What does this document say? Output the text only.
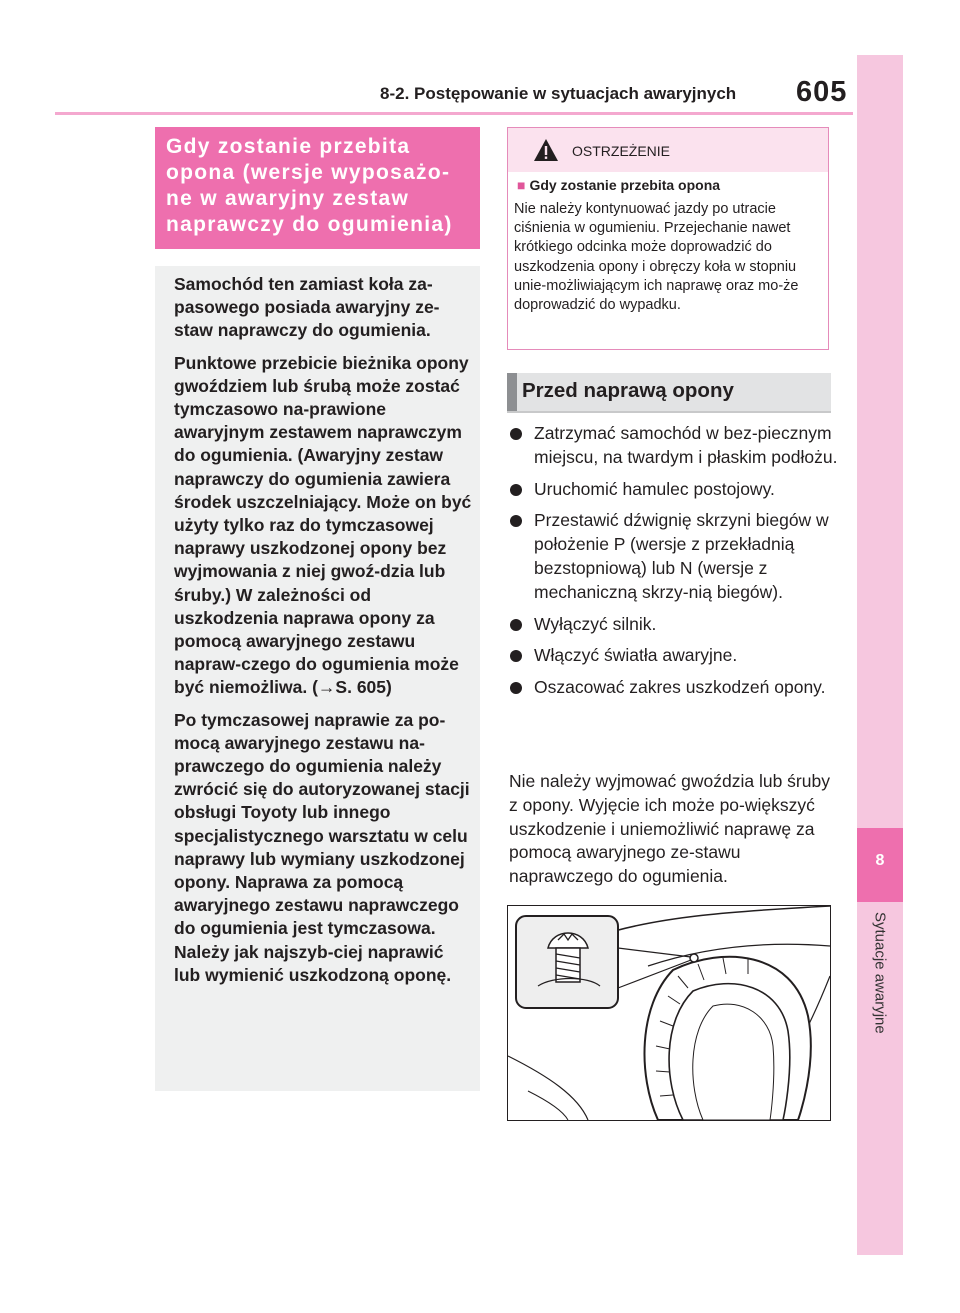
8-2. Postępowanie w sytuacjach awaryjnych 605
8
Sytuacje awaryjne
Gdy zostanie przebita opona (wersje wyposażo-ne w awaryjny zestaw naprawczy do ogumienia)

Samochód ten zamiast koła za-pasowego posiada awaryjny ze-staw naprawczy do ogumienia.

Punktowe przebicie bieżnika opony gwoździem lub śrubą może zostać tymczasowo na-prawione awaryjnym zestawem naprawczym do ogumienia. (Awaryjny zestaw naprawczy do ogumienia zawiera środek uszczelniający. Może on być użyty tylko raz do tymczasowej naprawy uszkodzonej opony bez wyjmowania z niej gwoź-dzia lub śruby.) W zależności od uszkodzenia naprawa opony za pomocą awaryjnego zestawu napraw-czego do ogumienia może być niemożliwa. (→S. 605)

Po tymczasowej naprawie za po-mocą awaryjnego zestawu na-prawczego do ogumienia należy zwrócić się do autoryzowanej stacji obsługi Toyoty lub innego specjalistycznego warsztatu w celu naprawy lub wymiany uszkodzonej opony. Naprawa za pomocą awaryjnego zestawu naprawczego do ogumienia jest tymczasowa. Należy jak najszyb-ciej naprawić lub wymienić uszkodzoną oponę.

OSTRZEŻENIE
■ Gdy zostanie przebita opona
Nie należy kontynuować jazdy po utracie ciśnienia w ogumieniu. Przejechanie nawet krótkiego odcinka może doprowadzić do uszkodzenia opony i obręczy koła w stopniu unie-możliwiającym ich naprawę oraz mo-że doprowadzić do wypadku.
Przed naprawą opony
Zatrzymać samochód w bez-piecznym miejscu, na twardym i płaskim podłożu.
Uruchomić hamulec postojowy.
Przestawić dźwignię skrzyni biegów w położenie P (wersje z przekładnią bezstopniową) lub N (wersje z mechaniczną skrzy-nią biegów).
Wyłączyć silnik.
Włączyć światła awaryjne.
Oszacować zakres uszkodzeń opony.
Nie należy wyjmować gwoździa lub śruby z opony. Wyjęcie ich może po-większyć uszkodzenie i uniemożliwić naprawę za pomocą awaryjnego ze-stawu naprawczego do ogumienia.
